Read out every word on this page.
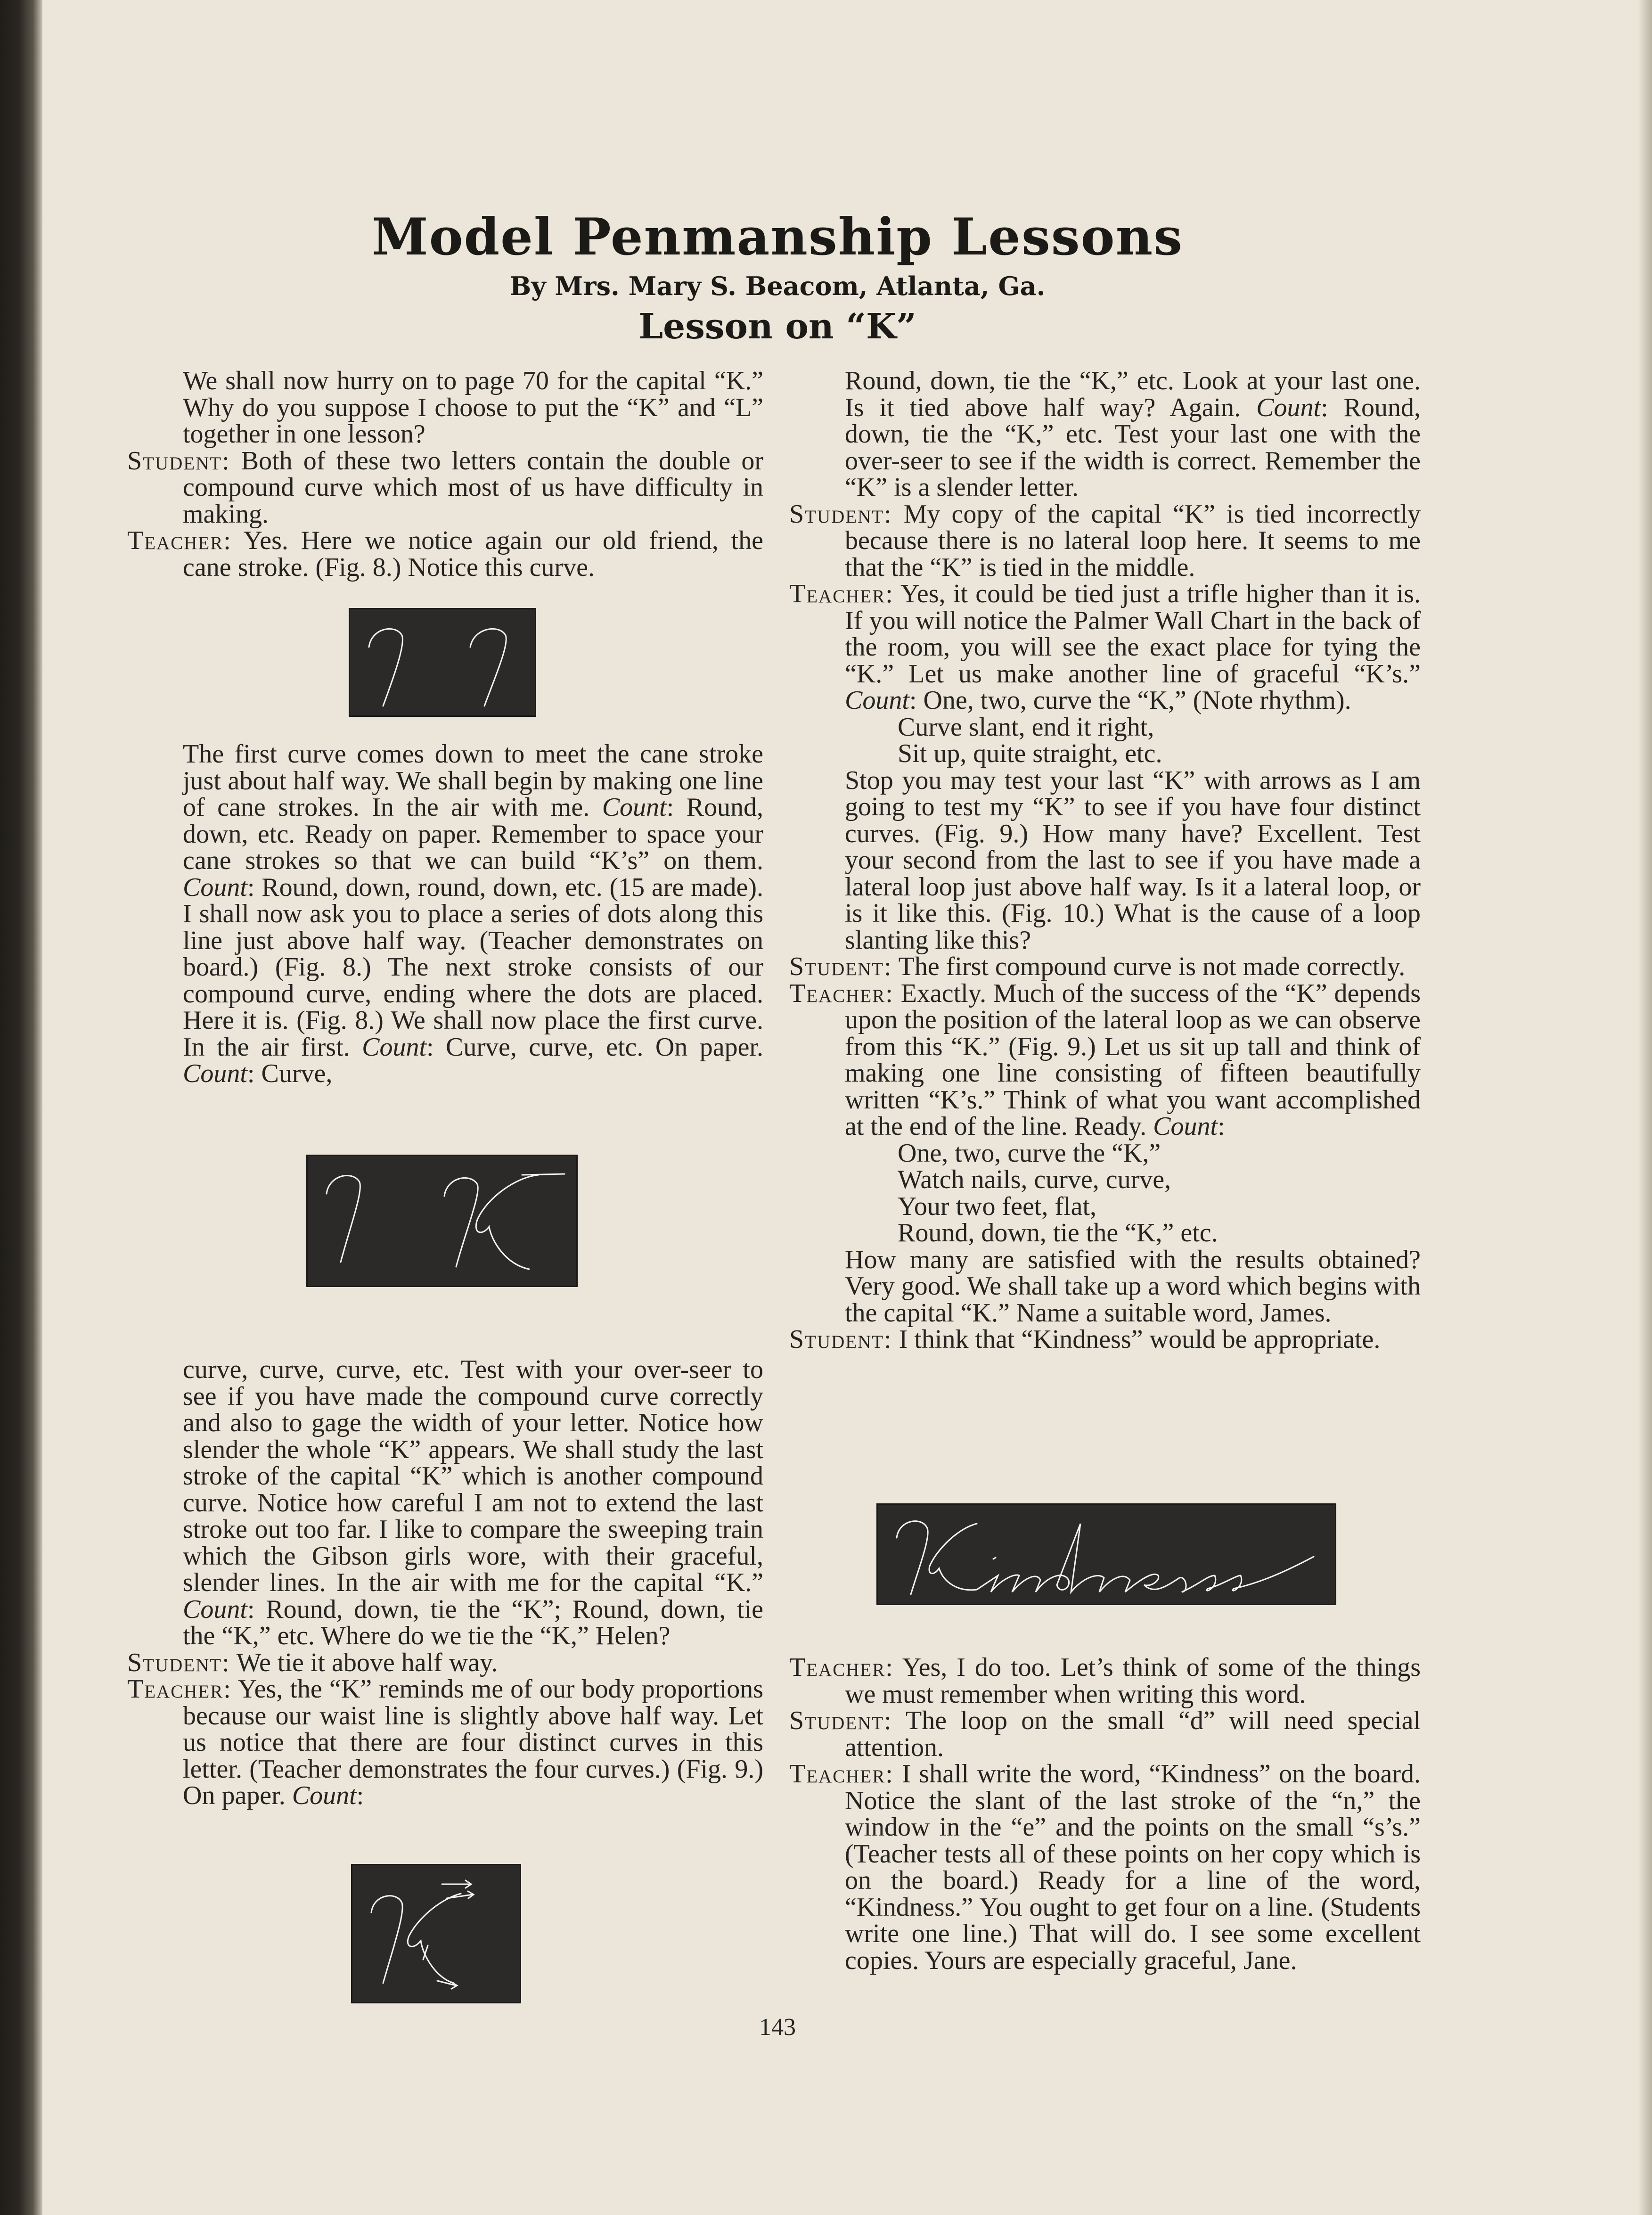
Model Penmanship Lessons
By Mrs. Mary S. Beacom, Atlanta, Ga.
Lesson on “K”

We shall now hurry on to page 70 for the capital “K.” Why do you suppose I choose to put the “K” and “L” together in one lesson?

Student: Both of these two letters contain the double or compound curve which most of us have difficulty in making.

Teacher: Yes. Here we notice again our old friend, the cane stroke. (Fig. 8.) Notice this curve.

The first curve comes down to meet the cane stroke just about half way. We shall begin by making one line of cane strokes. In the air with me. Count: Round, down, etc. Ready on paper. Remember to space your cane strokes so that we can build “K’s” on them. Count: Round, down, round, down, etc. (15 are made). I shall now ask you to place a series of dots along this line just above half way. (Teacher demonstrates on board.) (Fig. 8.) The next stroke consists of our compound curve, ending where the dots are placed. Here it is. (Fig. 8.) We shall now place the first curve. In the air first. Count: Curve, curve, etc. On paper. Count: Curve,

curve, curve, curve, etc. Test with your over-seer to see if you have made the compound curve correctly and also to gage the width of your letter. Notice how slender the whole “K” appears. We shall study the last stroke of the capital “K” which is another compound curve. Notice how careful I am not to extend the last stroke out too far. I like to compare the sweeping train which the Gibson girls wore, with their graceful, slender lines. In the air with me for the capital “K.” Count: Round, down, tie the “K”; Round, down, tie the “K,” etc. Where do we tie the “K,” Helen?

Student: We tie it above half way.

Teacher: Yes, the “K” reminds me of our body proportions because our waist line is slightly above half way. Let us notice that there are four distinct curves in this letter. (Teacher demonstrates the four curves.) (Fig. 9.) On paper. Count:

Round, down, tie the “K,” etc. Look at your last one. Is it tied above half way? Again. Count: Round, down, tie the “K,” etc. Test your last one with the over-seer to see if the width is correct. Remember the “K” is a slender letter.

Student: My copy of the capital “K” is tied incorrectly because there is no lateral loop here. It seems to me that the “K” is tied in the middle.

Teacher: Yes, it could be tied just a trifle higher than it is. If you will notice the Palmer Wall Chart in the back of the room, you will see the exact place for tying the “K.” Let us make another line of graceful “K’s.” Count: One, two, curve the “K,” (Note rhythm).

Curve slant, end it right,

Sit up, quite straight, etc.

Stop you may test your last “K” with arrows as I am going to test my “K” to see if you have four distinct curves. (Fig. 9.) How many have? Excellent. Test your second from the last to see if you have made a lateral loop just above half way. Is it a lateral loop, or is it like this. (Fig. 10.) What is the cause of a loop slanting like this?

Student: The first compound curve is not made correctly.

Teacher: Exactly. Much of the success of the “K” depends upon the position of the lateral loop as we can observe from this “K.” (Fig. 9.) Let us sit up tall and think of making one line consisting of fifteen beautifully written “K’s.” Think of what you want accomplished at the end of the line. Ready. Count:

One, two, curve the “K,”

Watch nails, curve, curve,

Your two feet, flat,

Round, down, tie the “K,” etc.

How many are satisfied with the results obtained? Very good. We shall take up a word which begins with the capital “K.” Name a suitable word, James.

Student: I think that “Kindness” would be appropriate.

Teacher: Yes, I do too. Let’s think of some of the things we must remember when writing this word.

Student: The loop on the small “d” will need special attention.

Teacher: I shall write the word, “Kindness” on the board. Notice the slant of the last stroke of the “n,” the window in the “e” and the points on the small “s’s.” (Teacher tests all of these points on her copy which is on the board.) Ready for a line of the word, “Kindness.” You ought to get four on a line. (Students write one line.) That will do. I see some excellent copies. Yours are especially graceful, Jane.

143
